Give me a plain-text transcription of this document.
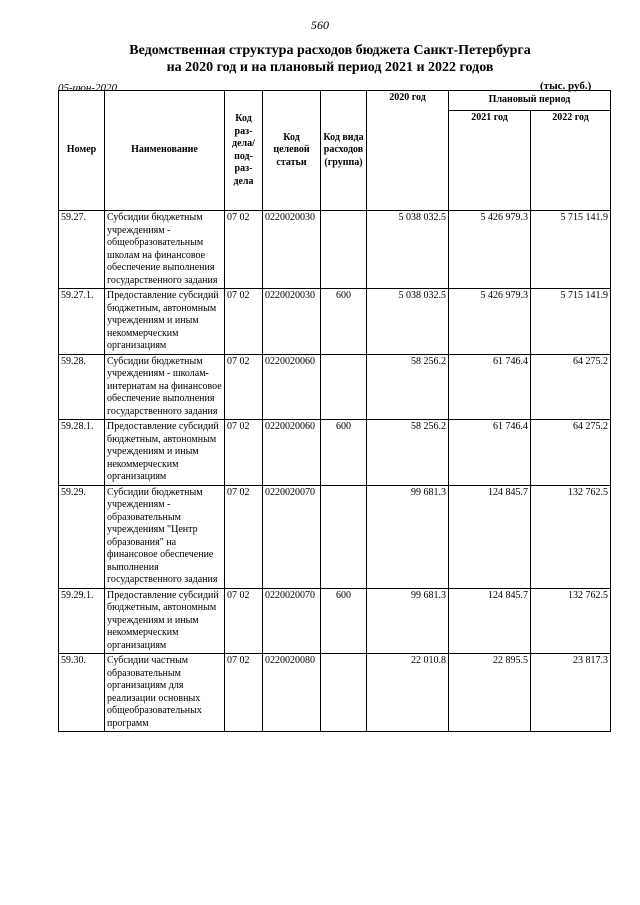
560
Ведомственная структура расходов бюджета Санкт-Петербурга
на 2020 год и на плановый период 2021 и 2022 годов
05-июн-2020	(тыс. руб.)
Номер	Наименование	Код раз-дела/ под-раз-дела	Код целевой статьи	Код вида расходов (группа)	2020 год	Плановый период	
						2021 год	2022 год
59.27.	Субсидии бюджетным учреждениям - общеобразовательным школам на финансовое обеспечение выполнения государственного задания	07 02	0220020030		5 038 032.5	5 426 979.3	5 715 141.9
59.27.1.	Предоставление субсидий бюджетным, автономным учреждениям и иным некоммерческим организациям	07 02	0220020030	600	5 038 032.5	5 426 979.3	5 715 141.9
59.28.	Субсидии бюджетным учреждениям - школам-интернатам на финансовое обеспечение выполнения государственного задания	07 02	0220020060		58 256.2	61 746.4	64 275.2
59.28.1.	Предоставление субсидий бюджетным, автономным учреждениям и иным некоммерческим организациям	07 02	0220020060	600	58 256.2	61 746.4	64 275.2
59.29.	Субсидии бюджетным учреждениям - образовательным учреждениям "Центр образования" на финансовое обеспечение выполнения государственного задания	07 02	0220020070		99 681.3	124 845.7	132 762.5
59.29.1.	Предоставление субсидий бюджетным, автономным учреждениям и иным некоммерческим организациям	07 02	0220020070	600	99 681.3	124 845.7	132 762.5
59.30.	Субсидии частным образовательным организациям для реализации основных общеобразовательных программ	07 02	0220020080		22 010.8	22 895.5	23 817.3
